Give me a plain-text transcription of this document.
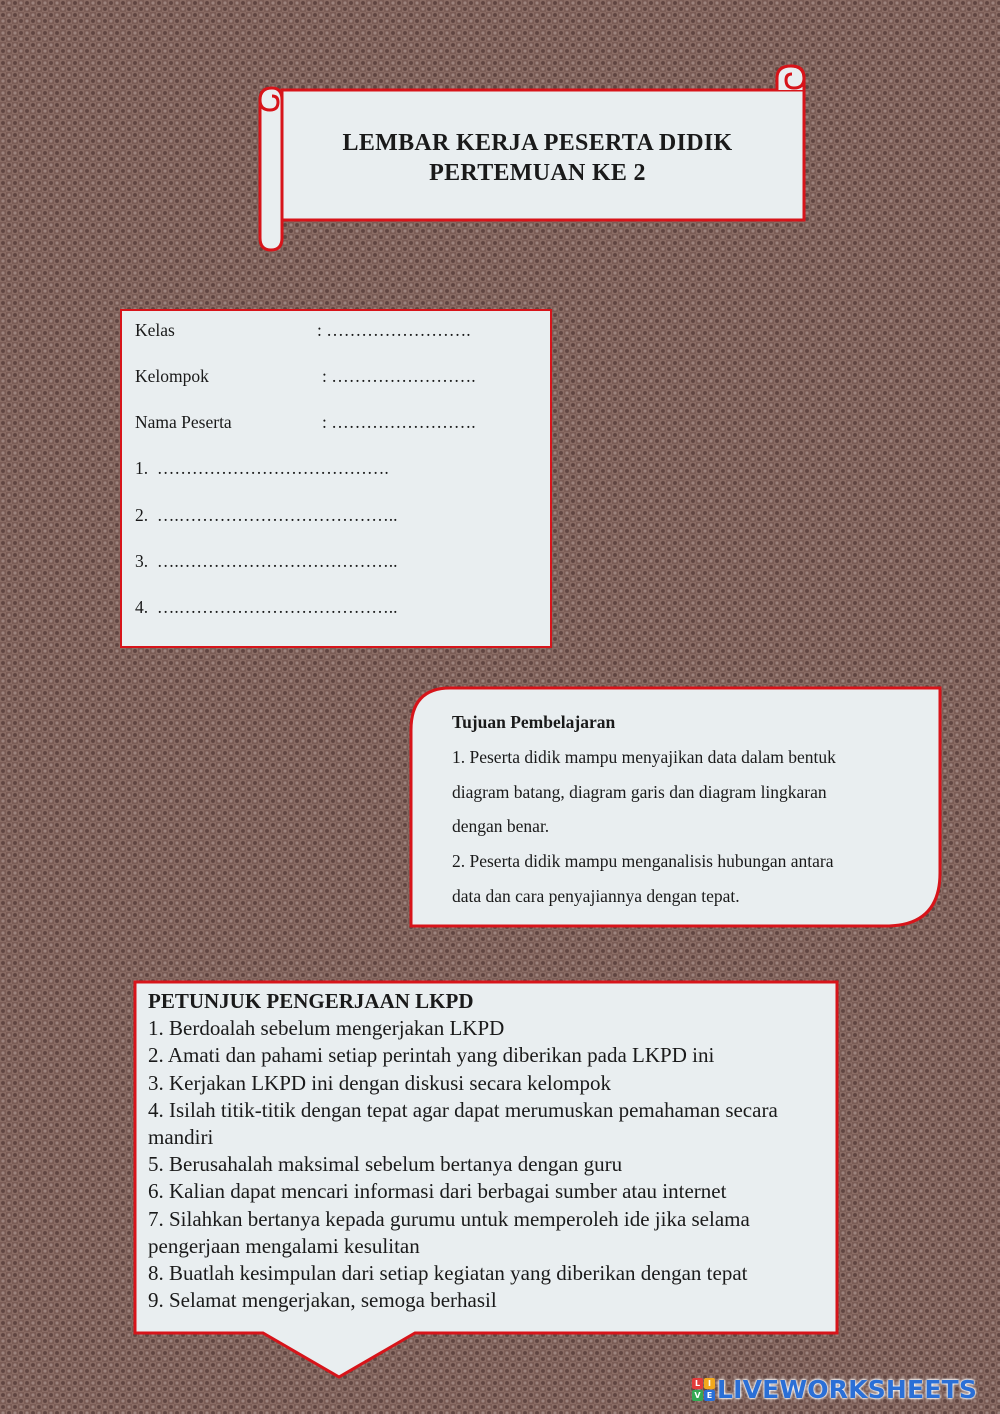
LEMBAR KERJA PESERTA DIDIK
PERTEMUAN KE 2

Kelas

	: …………………….

Kelompok

	: …………………….

Nama Peserta

	: …………………….

1.  ………………………………….
2.  ….………………………………..
3.  ….………………………………..
4.  ….………………………………..
Tujuan Pembelajaran
1. Peserta didik mampu menyajikan data dalam bentuk
diagram batang, diagram garis dan diagram lingkaran
dengan benar.
2. Peserta didik mampu menganalisis hubungan antara
data dan cara penyajiannya dengan tepat.
PETUNJUK PENGERJAAN LKPD

1. Berdoalah sebelum mengerjakan LKPD

2. Amati dan pahami setiap perintah yang diberikan pada LKPD ini

3. Kerjakan LKPD ini dengan diskusi secara kelompok

4. Isilah titik-titik dengan tepat agar dapat merumuskan pemahaman secara mandiri

5. Berusahalah maksimal sebelum bertanya dengan guru

6. Kalian dapat mencari informasi dari berbagai sumber atau internet

7. Silahkan bertanya kepada gurumu untuk memperoleh ide jika selama pengerjaan mengalami kesulitan

8. Buatlah kesimpulan dari setiap kegiatan yang diberikan dengan tepat

9. Selamat mengerjakan, semoga berhasil

L I
V E LIVEWORKSHEETS
